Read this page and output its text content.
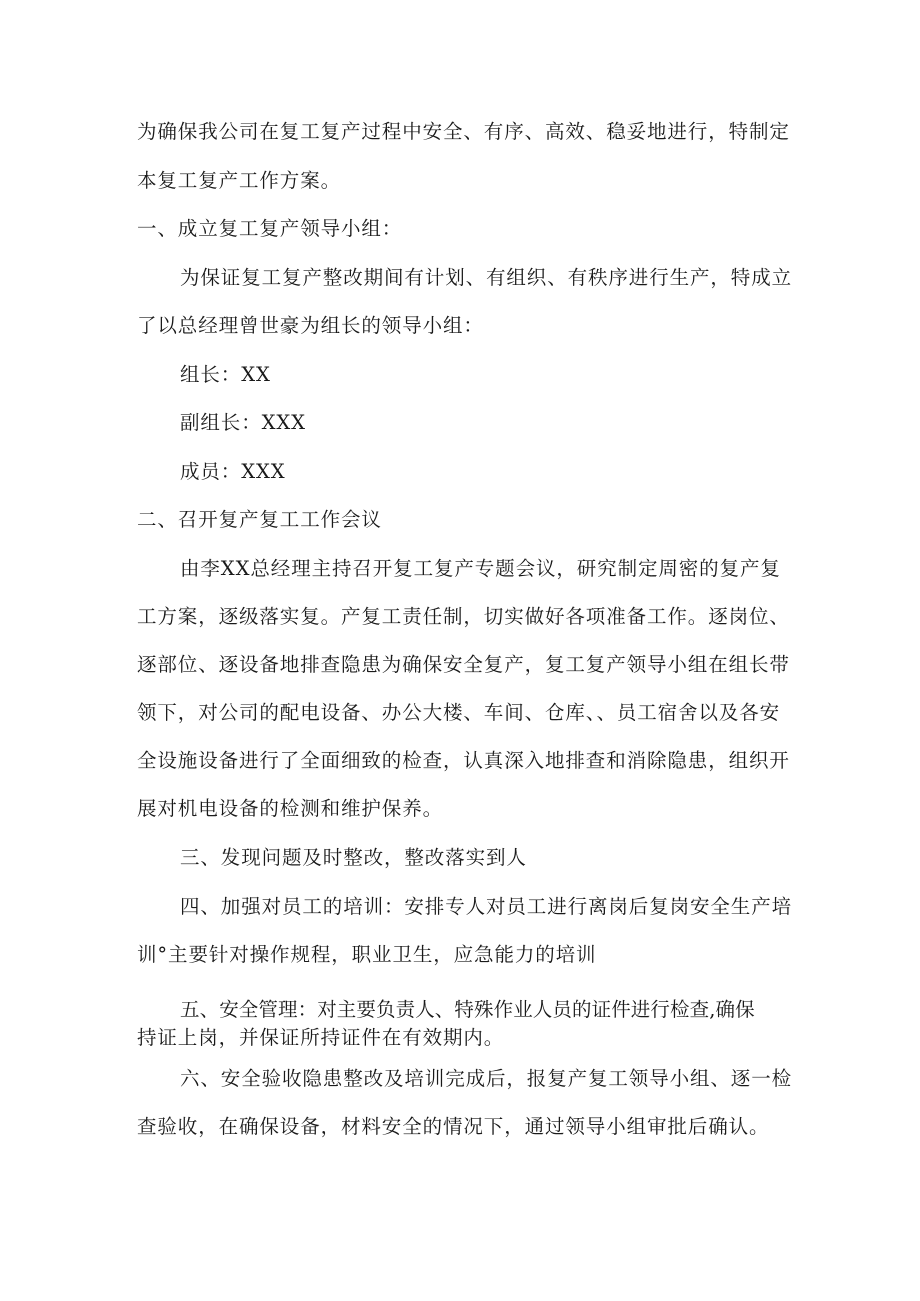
为确保我公司在复工复产过程中安全、有序、高效、稳妥地进行，特制定
本复工复产工作方案。
一、成立复工复产领导小组：
为保证复工复产整改期间有计划、有组织、有秩序进行生产，特成立
了以总经理曾世豪为组长的领导小组：
组长：XX
副组长：XXX
成员：XXX
二、召开复产复工工作会议
由李XX总经理主持召开复工复产专题会议，研究制定周密的复产复
工方案，逐级落实复。产复工责任制，切实做好各项准备工作。逐岗位、
逐部位、逐设备地排查隐患为确保安全复产，复工复产领导小组在组长带
领下，对公司的配电设备、办公大楼、车间、仓库、、员工宿舍以及各安
全设施设备进行了全面细致的检查，认真深入地排查和消除隐患，组织开
展对机电设备的检测和维护保养。
三、发现问题及时整改，整改落实到人
四、加强对员工的培训：安排专人对员工进行离岗后复岗安全生产培
训°主要针对操作规程，职业卫生，应急能力的培训
五、安全管理：对主要负责人、特殊作业人员的证件进行检查,确保
持证上岗，并保证所持证件在有效期内。
六、安全验收隐患整改及培训完成后，报复产复工领导小组、逐一检
查验收，在确保设备，材料安全的情况下，通过领导小组审批后确认。
